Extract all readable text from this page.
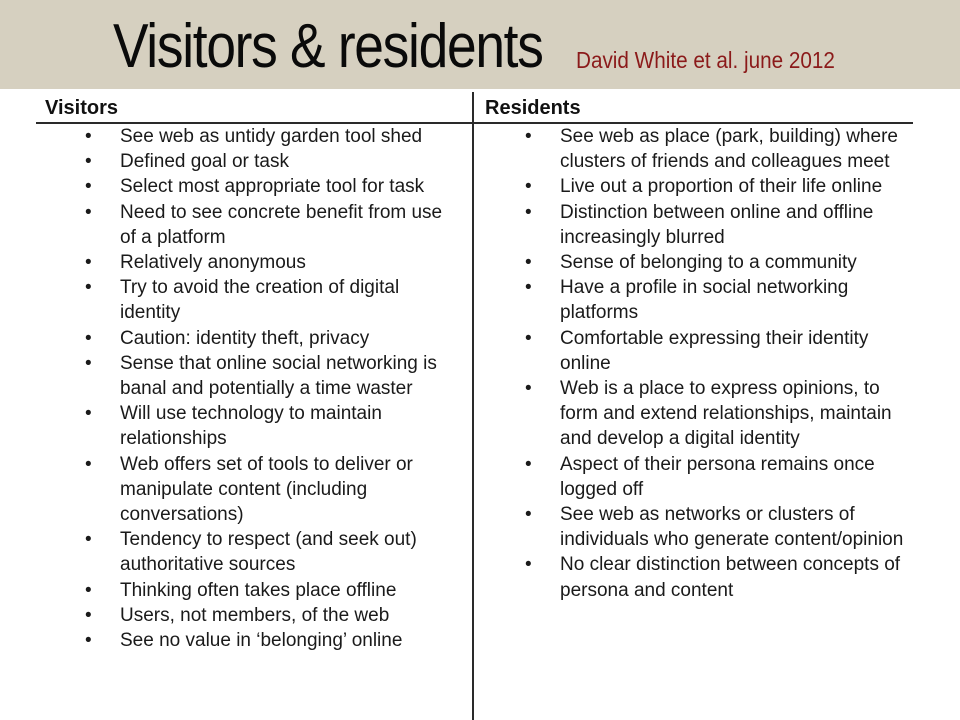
Visitors & residents David White et al. june 2012
Visitors	Residents
• See web as untidy garden tool shed
• Defined goal or task
• Select most appropriate tool for task
• Need to see concrete benefit from use of a platform
• Relatively anonymous
• Try to avoid the creation of digital identity
• Caution: identity theft, privacy
• Sense that online social networking is banal and potentially a time waster
• Will use technology to maintain relationships
• Web offers set of tools to deliver or manipulate content (including conversations)
• Tendency to respect (and seek out) authoritative sources
• Thinking often takes place offline
• Users, not members, of the web
• See no value in ‘belonging’ online
• See web as place (park, building) where clusters of friends and colleagues meet
• Live out a proportion of their life online
• Distinction between online and offline increasingly blurred
• Sense of belonging to a community
• Have a profile in social networking platforms
• Comfortable expressing their identity online
• Web is a place to express opinions, to form and extend relationships, maintain and develop a digital identity
• Aspect of their persona remains once logged off
• See web as networks or clusters of individuals who generate content/opinion
• No clear distinction between concepts of persona and content
